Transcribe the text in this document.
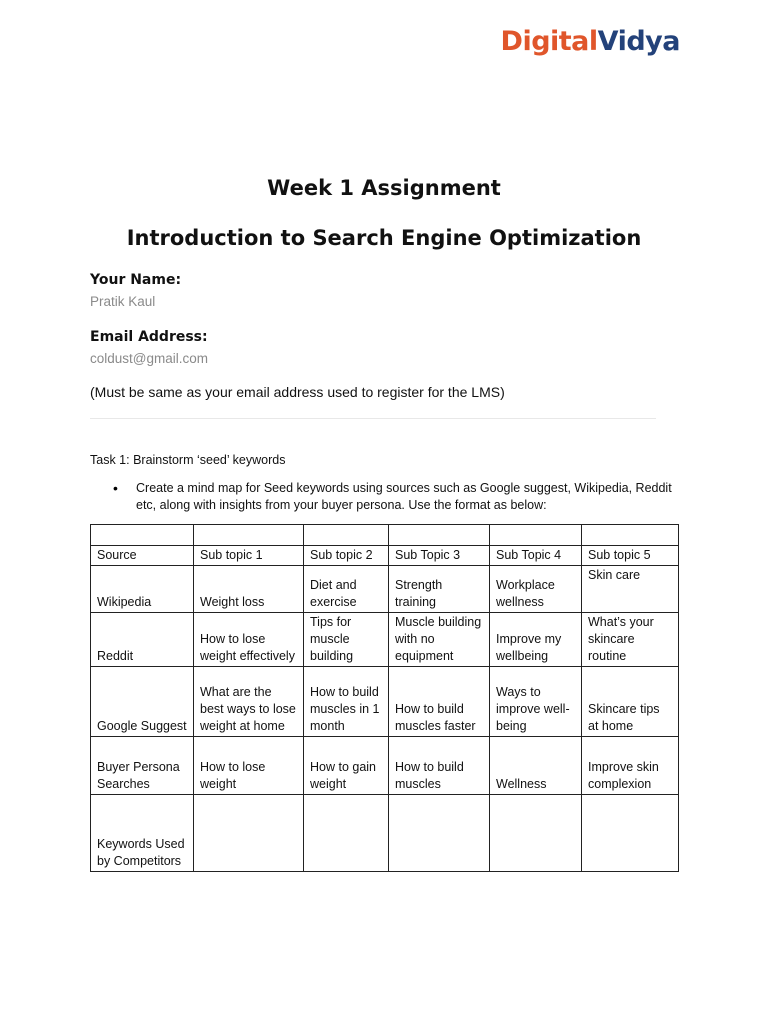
DigitalVidya
Week 1 Assignment
Introduction to Search Engine Optimization
Your Name:
Pratik Kaul
Email Address:
coldust@gmail.com
(Must be same as your email address used to register for the LMS)
Task 1: Brainstorm ‘seed’ keywords
• Create a mind map for Seed keywords using sources such as Google suggest, Wikipedia, Reddit etc, along with insights from your buyer persona. Use the format as below:

Source	Sub topic 1	Sub topic 2	Sub Topic 3	Sub Topic 4	Sub topic 5
Wikipedia	Weight loss	Diet and exercise	Strength training	Workplace wellness	Skin care
Reddit	How to lose weight effectively	Tips for muscle building	Muscle building with no equipment	Improve my wellbeing	What’s your skincare routine
Google Suggest	What are the best ways to lose weight at home	How to build muscles in 1 month	How to build muscles faster	Ways to improve well-being	Skincare tips at home
Buyer Persona Searches	How to lose weight	How to gain weight	How to build muscles	Wellness	Improve skin complexion
Keywords Used by Competitors					
